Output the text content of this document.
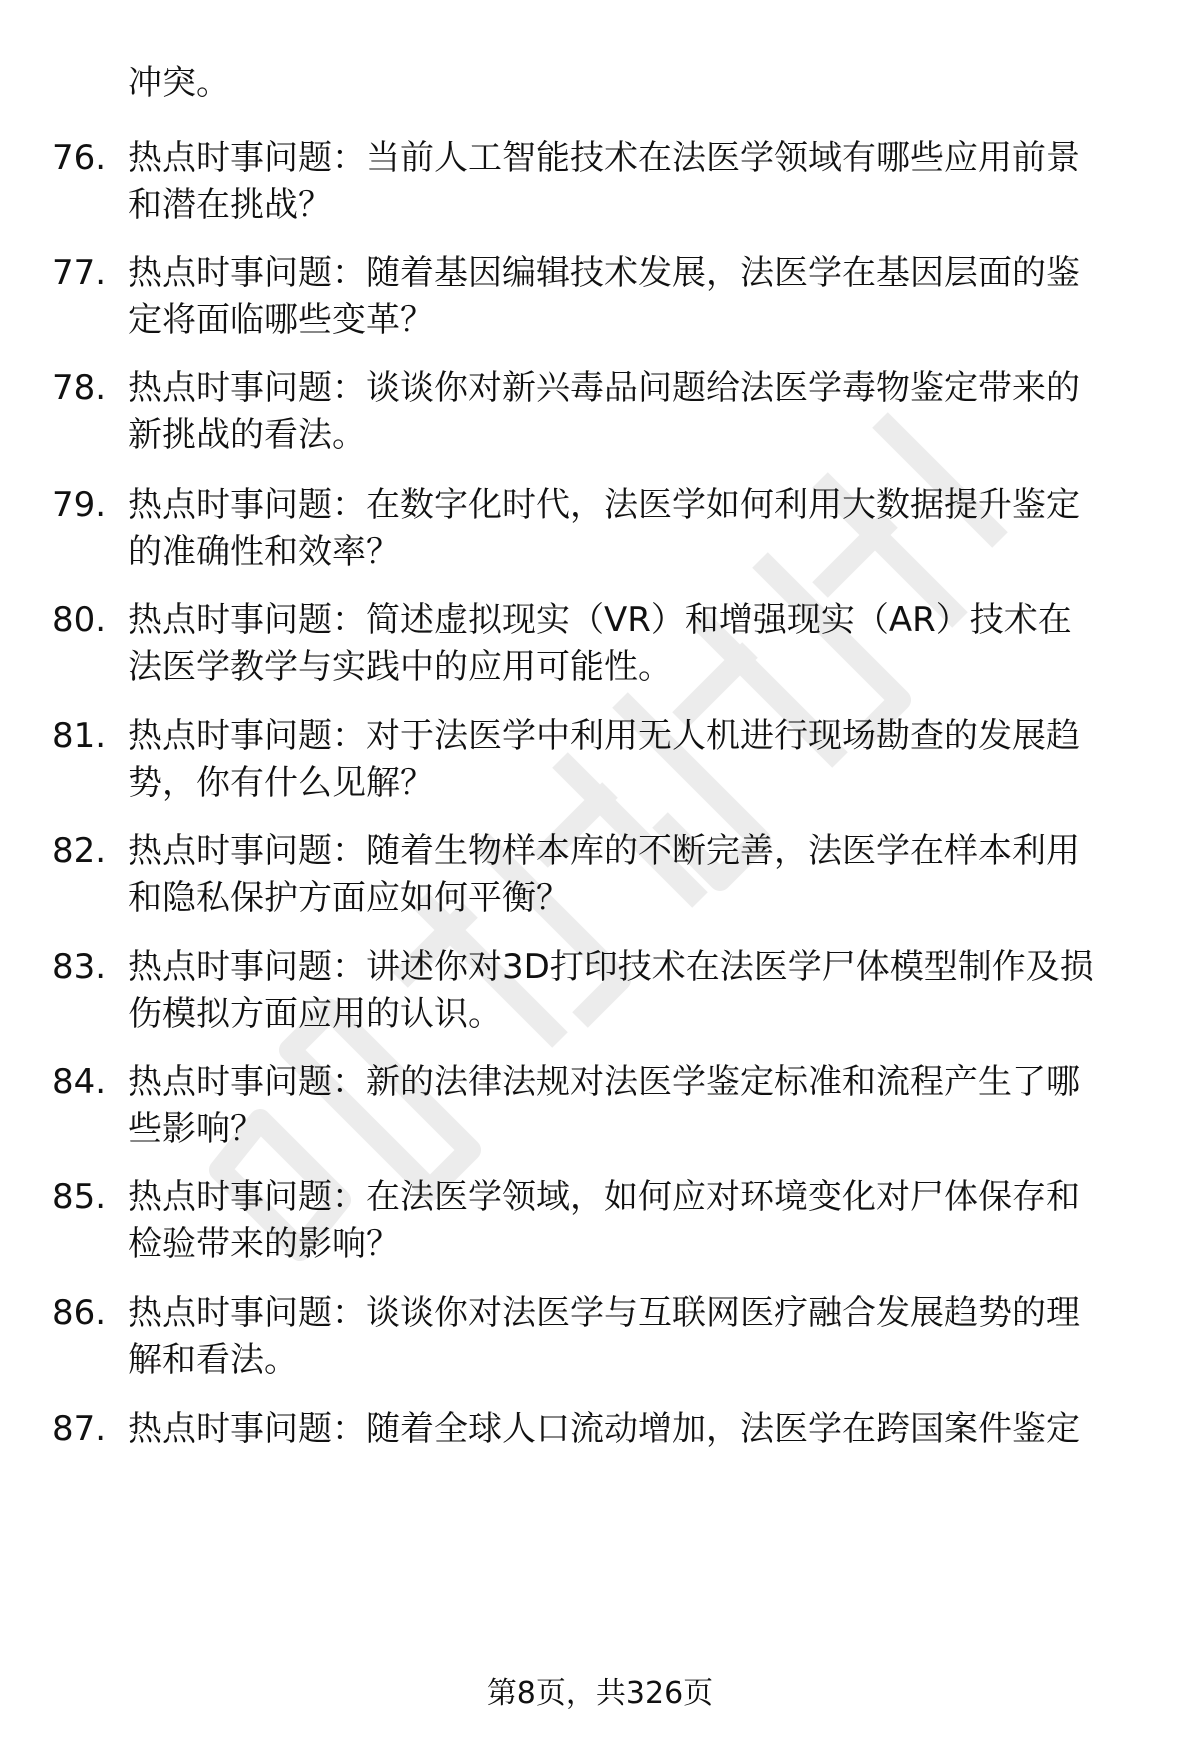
冲突。
76. 热点时事问题：当前人工智能技术在法医学领域有哪些应用前景
和潜在挑战？
77. 热点时事问题：随着基因编辑技术发展，法医学在基因层面的鉴
定将面临哪些变革？
78. 热点时事问题：谈谈你对新兴毒品问题给法医学毒物鉴定带来的
新挑战的看法。
79. 热点时事问题：在数字化时代，法医学如何利用大数据提升鉴定
的准确性和效率？
80. 热点时事问题：简述虚拟现实（VR）和增强现实（AR）技术在
法医学教学与实践中的应用可能性。
81. 热点时事问题：对于法医学中利用无人机进行现场勘查的发展趋
势，你有什么见解？
82. 热点时事问题：随着生物样本库的不断完善，法医学在样本利用
和隐私保护方面应如何平衡？
83. 热点时事问题：讲述你对3D打印技术在法医学尸体模型制作及损
伤模拟方面应用的认识。
84. 热点时事问题：新的法律法规对法医学鉴定标准和流程产生了哪
些影响？
85. 热点时事问题：在法医学领域，如何应对环境变化对尸体保存和
检验带来的影响？
86. 热点时事问题：谈谈你对法医学与互联网医疗融合发展趋势的理
解和看法。
87. 热点时事问题：随着全球人口流动增加，法医学在跨国案件鉴定
第8页，共326页
